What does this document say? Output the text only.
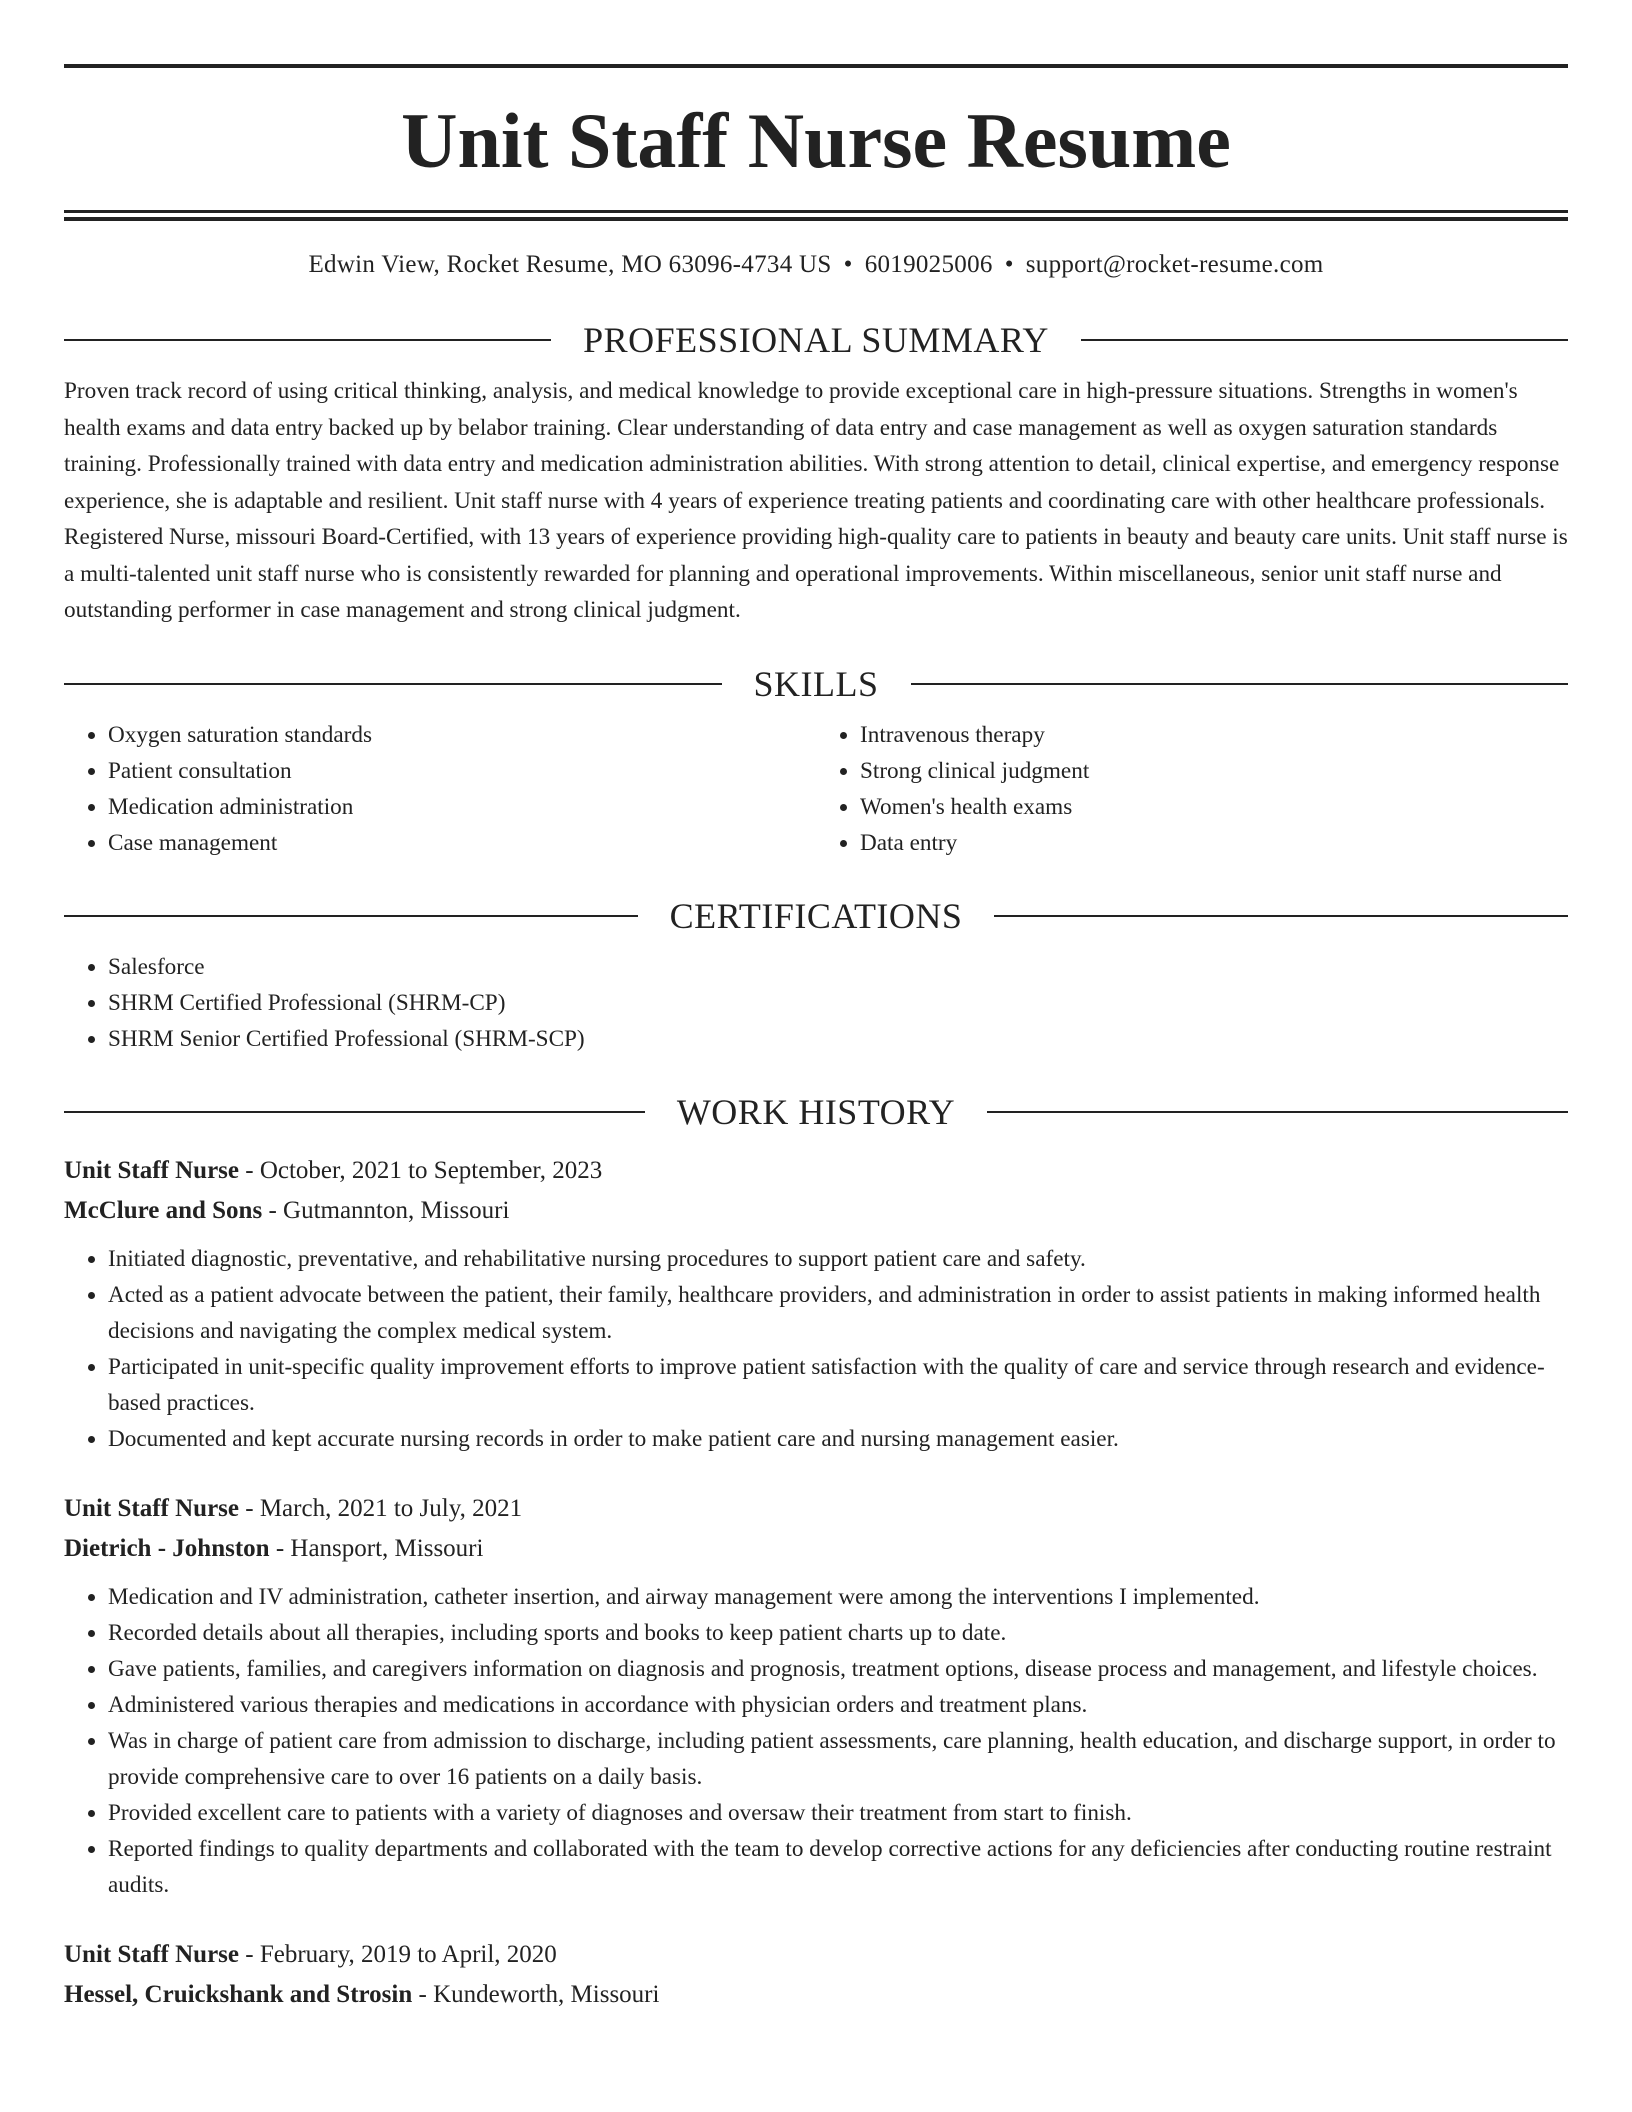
Unit Staff Nurse Resume
Edwin View, Rocket Resume, MO 63096-4734 US • 6019025006 • support@rocket-resume.com
PROFESSIONAL SUMMARY

Proven track record of using critical thinking, analysis, and medical knowledge to provide exceptional care in high-pressure situations. Strengths in women's health exams and data entry backed up by belabor training. Clear understanding of data entry and case management as well as oxygen saturation standards training. Professionally trained with data entry and medication administration abilities. With strong attention to detail, clinical expertise, and emergency response experience, she is adaptable and resilient. Unit staff nurse with 4 years of experience treating patients and coordinating care with other healthcare professionals. Registered Nurse, missouri Board-Certified, with 13 years of experience providing high-quality care to patients in beauty and beauty care units. Unit staff nurse is a multi-talented unit staff nurse who is consistently rewarded for planning and operational improvements. Within miscellaneous, senior unit staff nurse and outstanding performer in case management and strong clinical judgment.

SKILLS
• Oxygen saturation standards
• Patient consultation
• Medication administration
• Case management
• Intravenous therapy
• Strong clinical judgment
• Women's health exams
• Data entry
CERTIFICATIONS
• Salesforce
• SHRM Certified Professional (SHRM-CP)
• SHRM Senior Certified Professional (SHRM-SCP)
WORK HISTORY
Unit Staff Nurse - October, 2021 to September, 2023
McClure and Sons - Gutmannton, Missouri
• Initiated diagnostic, preventative, and rehabilitative nursing procedures to support patient care and safety.
• Acted as a patient advocate between the patient, their family, healthcare providers, and administration in order to assist patients in making informed health decisions and navigating the complex medical system.
• Participated in unit-specific quality improvement efforts to improve patient satisfaction with the quality of care and service through research and evidence-based practices.
• Documented and kept accurate nursing records in order to make patient care and nursing management easier.
Unit Staff Nurse - March, 2021 to July, 2021
Dietrich - Johnston - Hansport, Missouri
• Medication and IV administration, catheter insertion, and airway management were among the interventions I implemented.
• Recorded details about all therapies, including sports and books to keep patient charts up to date.
• Gave patients, families, and caregivers information on diagnosis and prognosis, treatment options, disease process and management, and lifestyle choices.
• Administered various therapies and medications in accordance with physician orders and treatment plans.
• Was in charge of patient care from admission to discharge, including patient assessments, care planning, health education, and discharge support, in order to provide comprehensive care to over 16 patients on a daily basis.
• Provided excellent care to patients with a variety of diagnoses and oversaw their treatment from start to finish.
• Reported findings to quality departments and collaborated with the team to develop corrective actions for any deficiencies after conducting routine restraint audits.
Unit Staff Nurse - February, 2019 to April, 2020
Hessel, Cruickshank and Strosin - Kundeworth, Missouri
